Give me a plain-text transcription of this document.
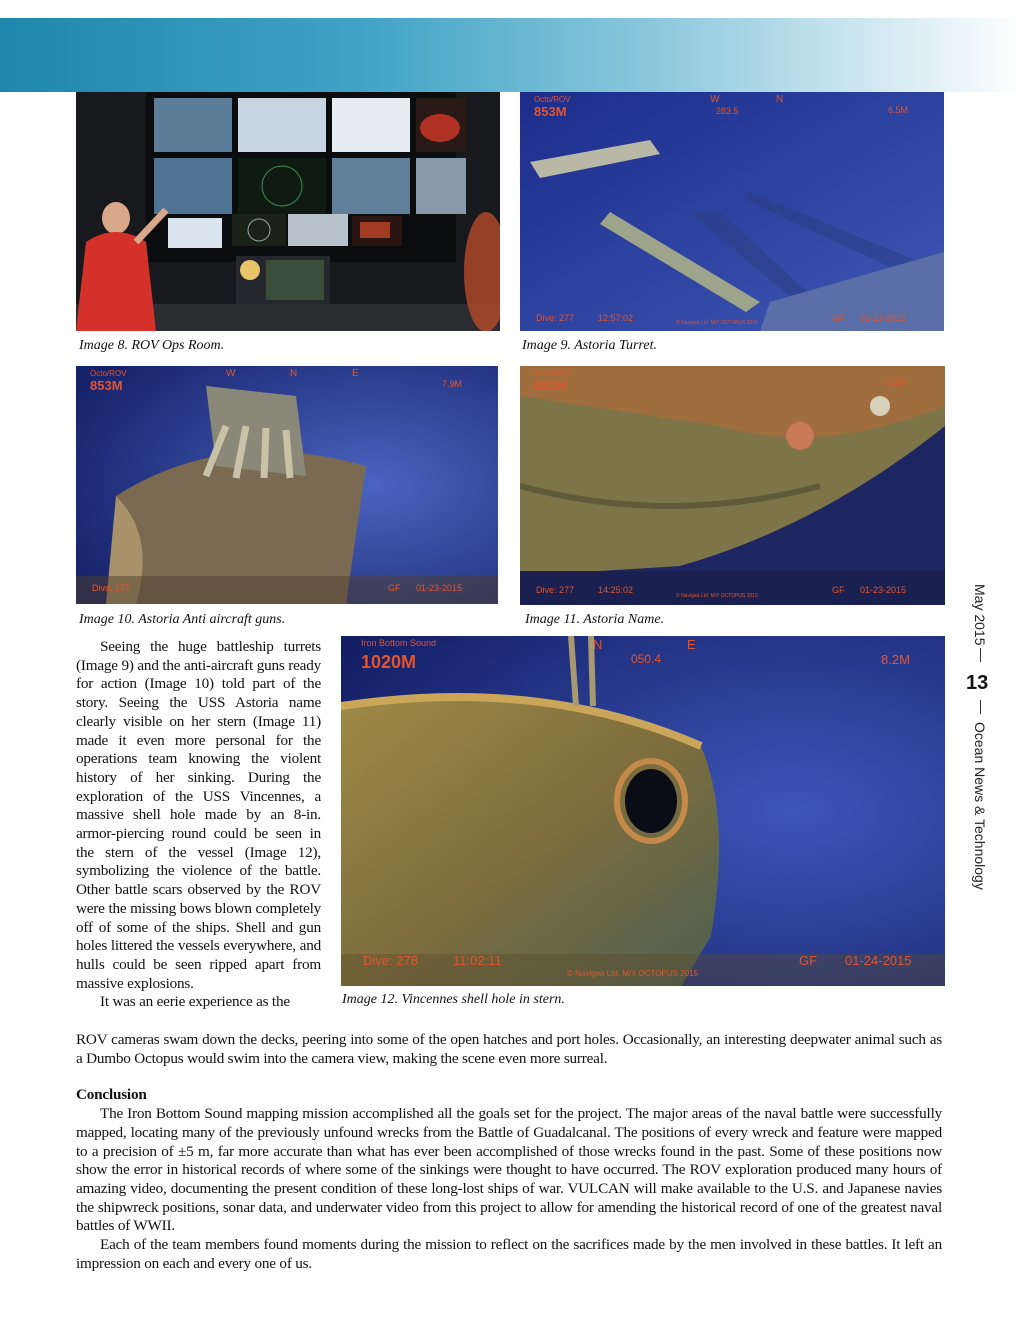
Octo/ROV
853M
W	N
283.5	6.5M
Dive: 277	12:57:02	© Navigea Ltd. M/Y OCTOPUS 2015	GF 01-23-2015
Image 8. ROV Ops Room.	Image 9. Astoria Turret.
Octo/ROV
853M
W	N	E
7.9M
Dive: 277	GF 01-23-2015
Octo/ROV
852M	8.2M
Dive: 277	14:25:02
© Navigea Ltd. M/Y OCTOPUS 2015
GF 01-23-2015
Image 10. Astoria Anti aircraft guns.	Image 11. Astoria Name.
Iron Bottom Sound
1020M
N	E
050.4	8.2M
Dive: 278	11:02:11
© Navigea Ltd. M/Y OCTOPUS 2015
GF 01-24-2015
Image 12. Vincennes shell hole in stern.

Seeing the huge battleship turrets (Image 9) and the anti-aircraft guns ready for action (Image 10) told part of the story. Seeing the USS Astoria name clearly visible on her stern (Image 11) made it even more personal for the operations team knowing the violent history of her sinking. During the exploration of the USS Vincennes, a massive shell hole made by an 8-in. armor-piercing round could be seen in the stern of the vessel (Image 12), symbolizing the violence of the battle. Other battle scars observed by the ROV were the missing bows blown completely off of some of the ships. Shell and gun holes littered the vessels everywhere, and hulls could be seen ripped apart from massive explosions.

It was an eerie experience as the

ROV cameras swam down the decks, peering into some of the open hatches and port holes. Occasionally, an interesting deepwater animal such as a Dumbo Octopus would swim into the camera view, making the scene even more surreal.

Conclusion

The Iron Bottom Sound mapping mission accomplished all the goals set for the project. The major areas of the naval battle were successfully mapped, locating many of the previously unfound wrecks from the Battle of Guadalcanal. The positions of every wreck and feature were mapped to a precision of ±5 m, far more accurate than what has ever been accomplished of those wrecks found in the past. Some of these positions now show the error in historical records of where some of the sinkings were thought to have occurred. The ROV exploration produced many hours of amazing video, documenting the present condition of these long-lost ships of war. VULCAN will make available to the U.S. and Japanese navies the shipwreck positions, sonar data, and underwater video from this project to allow for amending the historical record of one of the greatest naval battles of WWII.

Each of the team members found moments during the mission to reflect on the sacrifices made by the men involved in these battles. It left an impression on each and every one of us.

May 2015
13
Ocean News & Technology
